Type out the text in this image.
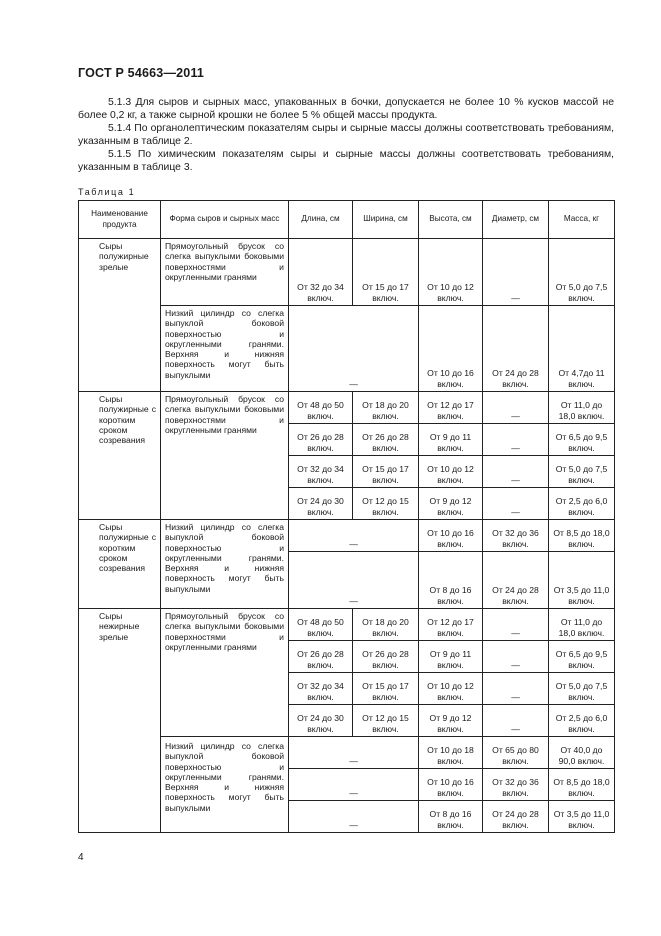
ГОСТ Р 54663—2011
5.1.3 Для сыров и сырных масс, упакованных в бочки, допускается не более 10 % кусков массой не более 0,2 кг, а также сырной крошки не более 5 % общей массы продукта.
5.1.4 По органолептическим показателям сыры и сырные массы должны соответствовать требованиям, указанным в таблице 2.
5.1.5 По химическим показателям сыры и сырные массы должны соответствовать требованиям, указанным в таблице 3.
Таблица 1
Наименование продукта	Форма сыров и сырных масс	Длина, см	Ширина, см	Высота, см	Диаметр, см	Масса, кг

Сыры полужирные зрелые	Прямоугольный брусок со слегка выпуклыми боковыми поверхностями и округленными гранями	От 32 до 34 включ.	От 15 до 17 включ.	От 10 до 12 включ.	—	От 5,0 до 7,5 включ.
	Низкий цилиндр со слегка выпуклой боковой поверхностью и округленными гранями. Верхняя и нижняя поверхность могут быть выпуклыми	—		От 10 до 16 включ.	От 24 до 28 включ.	От 4,7до 11 включ.

Сыры полужирные с коротким сроком созревания	Прямоугольный брусок со слегка выпуклыми боковыми поверхностями и округленными гранями	От 48 до 50 включ.	От 18 до 20 включ.	От 12 до 17 включ.	—	От 11,0 до 18,0 включ.
		От 26 до 28 включ.	От 26 до 28 включ.	От 9 до 11 включ.	—	От 6,5 до 9,5 включ.
		От 32 до 34 включ.	От 15 до 17 включ.	От 10 до 12 включ.	—	От 5,0 до 7,5 включ.
		От 24 до 30 включ.	От 12 до 15 включ.	От 9 до 12 включ.	—	От 2,5 до 6,0 включ.

Сыры полужирные с коротким сроком созревания	Низкий цилиндр со слегка выпуклой боковой поверхностью и округленными гранями. Верхняя и нижняя поверхность могут быть выпуклыми	—		От 10 до 16 включ.	От 32 до 36 включ.	От 8,5 до 18,0 включ.
		—		От 8 до 16 включ.	От 24 до 28 включ.	От 3,5 до 11,0 включ.

Сыры нежирные зрелые	Прямоугольный брусок со слегка выпуклыми боковыми поверхностями и округленными гранями	От 48 до 50 включ.	От 18 до 20 включ.	От 12 до 17 включ.	—	От 11,0 до 18,0 включ.
		От 26 до 28 включ.	От 26 до 28 включ.	От 9 до 11 включ.	—	От 6,5 до 9,5 включ.
		От 32 до 34 включ.	От 15 до 17 включ.	От 10 до 12 включ.	—	От 5,0 до 7,5 включ.
		От 24 до 30 включ.	От 12 до 15 включ.	От 9 до 12 включ.	—	От 2,5 до 6,0 включ.
	Низкий цилиндр со слегка выпуклой боковой поверхностью и округленными гранями. Верхняя и нижняя поверхность могут быть выпуклыми	—		От 10 до 18 включ.	От 65 до 80 включ.	От 40,0 до 90,0 включ.
		—		От 10 до 16 включ.	От 32 до 36 включ.	От 8,5 до 18,0 включ.
		—		От 8 до 16 включ.	От 24 до 28 включ.	От 3,5 до 11,0 включ.
4
